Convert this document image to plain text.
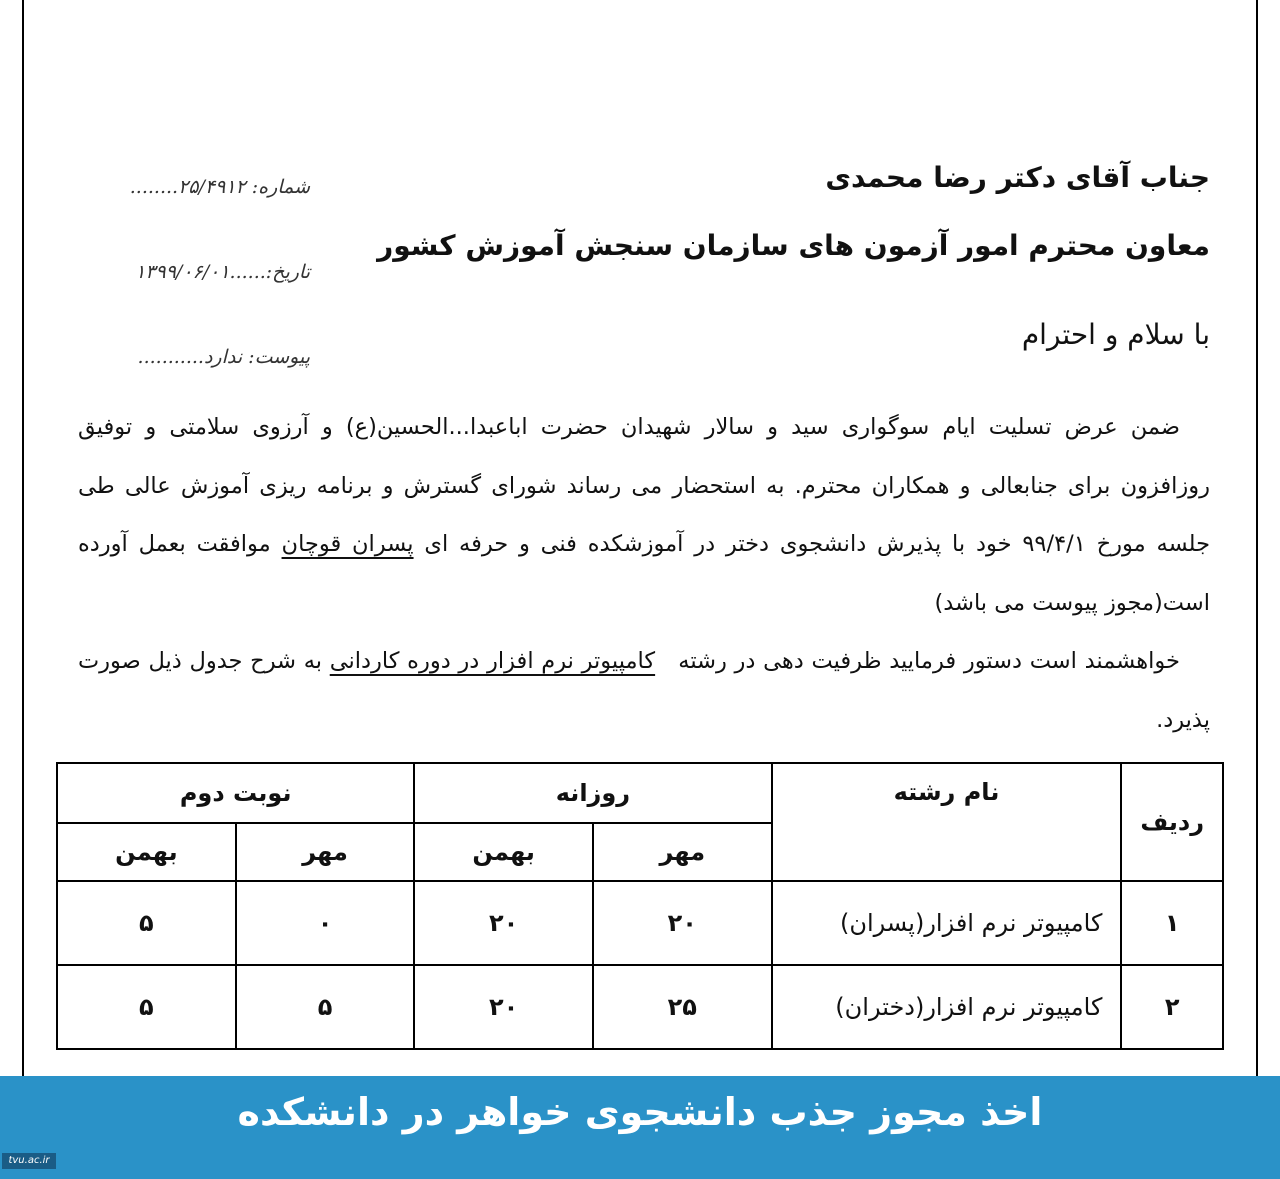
جناب آقای دکتر رضا محمدی
معاون محترم امور آزمون های سازمان سنجش آموزش کشور
شماره: ۲۵/۴۹۱۲........
تاریخ:......۱۳۹۹/۰۶/۰۱
پیوست: ندارد...........
با سلام و احترام

ضمن عرض تسلیت ایام سوگواری سید و سالار شهیدان حضرت اباعبدا...الحسین(ع) و آرزوی سلامتی و توفیق روزافزون برای جنابعالی و همکاران محترم. به استحضار می رساند شورای گسترش و برنامه ریزی آموزش عالی طی جلسه مورخ ۹۹/۴/۱ خود با پذیرش دانشجوی دختر در آموزشکده فنی و حرفه ای پسران قوچان موافقت بعمل آورده است(مجوز پیوست می باشد)

خواهشمند است دستور فرمایید ظرفیت دهی در رشته   کامپیوتر نرم افزار در دوره کاردانی به شرح جدول ذیل صورت پذیرد.

ردیف	نام رشته	روزانه		نوبت دوم	
		مهر	بهمن	مهر	بهمن
۱	کامپیوتر نرم افزار(پسران)	۲۰	۲۰	۰	۵
۲	کامپیوتر نرم افزار(دختران)	۲۵	۲۰	۵	۵
اخذ مجوز جذب دانشجوی خواهر در دانشکده
tvu.ac.ir
